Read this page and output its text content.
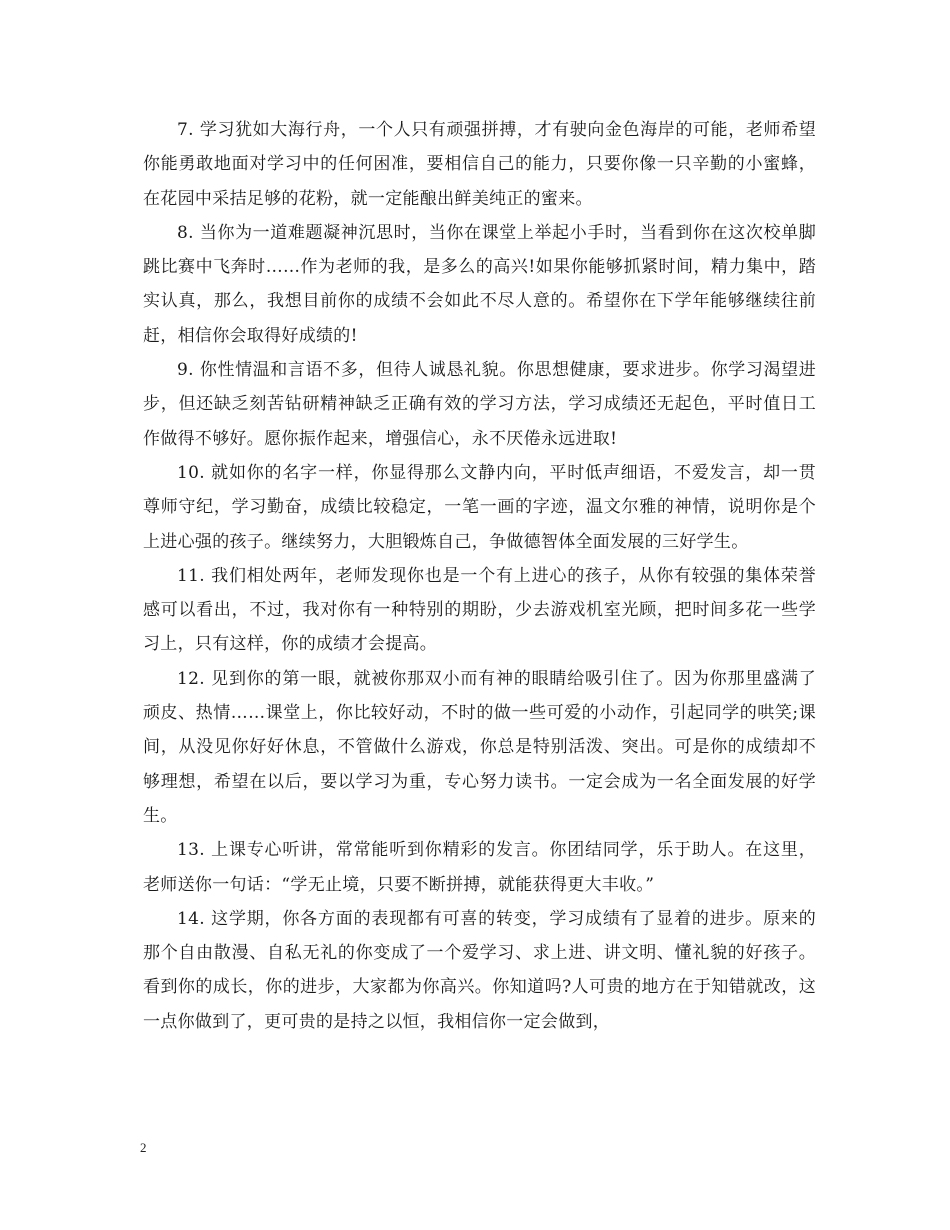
7. 学习犹如大海行舟，一个人只有顽强拼搏，才有驶向金色海岸的可能，老师希望你能勇敢地面对学习中的任何困准，要相信自己的能力，只要你像一只辛勤的小蜜蜂，在花园中采拮足够的花粉，就一定能酿出鲜美纯正的蜜来。

8. 当你为一道难题凝神沉思时，当你在课堂上举起小手时，当看到你在这次校单脚跳比赛中飞奔时……作为老师的我，是多么的高兴!如果你能够抓紧时间，精力集中，踏实认真，那么，我想目前你的成绩不会如此不尽人意的。希望你在下学年能够继续往前赶，相信你会取得好成绩的!

9. 你性情温和言语不多，但待人诚恳礼貌。你思想健康，要求进步。你学习渴望进步，但还缺乏刻苦钻研精神缺乏正确有效的学习方法，学习成绩还无起色，平时值日工作做得不够好。愿你振作起来，增强信心，永不厌倦永远进取!

10. 就如你的名字一样，你显得那么文静内向，平时低声细语，不爱发言，却一贯尊师守纪，学习勤奋，成绩比较稳定，一笔一画的字迹，温文尔雅的神情，说明你是个上进心强的孩子。继续努力，大胆锻炼自己，争做德智体全面发展的三好学生。

11. 我们相处两年，老师发现你也是一个有上进心的孩子，从你有较强的集体荣誉感可以看出，不过，我对你有一种特别的期盼，少去游戏机室光顾，把时间多花一些学习上，只有这样，你的成绩才会提高。

12. 见到你的第一眼，就被你那双小而有神的眼睛给吸引住了。因为你那里盛满了顽皮、热情……课堂上，你比较好动，不时的做一些可爱的小动作，引起同学的哄笑;课间，从没见你好好休息，不管做什么游戏，你总是特别活泼、突出。可是你的成绩却不够理想，希望在以后，要以学习为重，专心努力读书。一定会成为一名全面发展的好学生。

13. 上课专心听讲，常常能听到你精彩的发言。你团结同学，乐于助人。在这里，老师送你一句话：“学无止境，只要不断拼搏，就能获得更大丰收。”

14. 这学期，你各方面的表现都有可喜的转变，学习成绩有了显着的进步。原来的那个自由散漫、自私无礼的你变成了一个爱学习、求上进、讲文明、懂礼貌的好孩子。看到你的成长，你的进步，大家都为你高兴。你知道吗?人可贵的地方在于知错就改，这一点你做到了，更可贵的是持之以恒，我相信你一定会做到，

2
